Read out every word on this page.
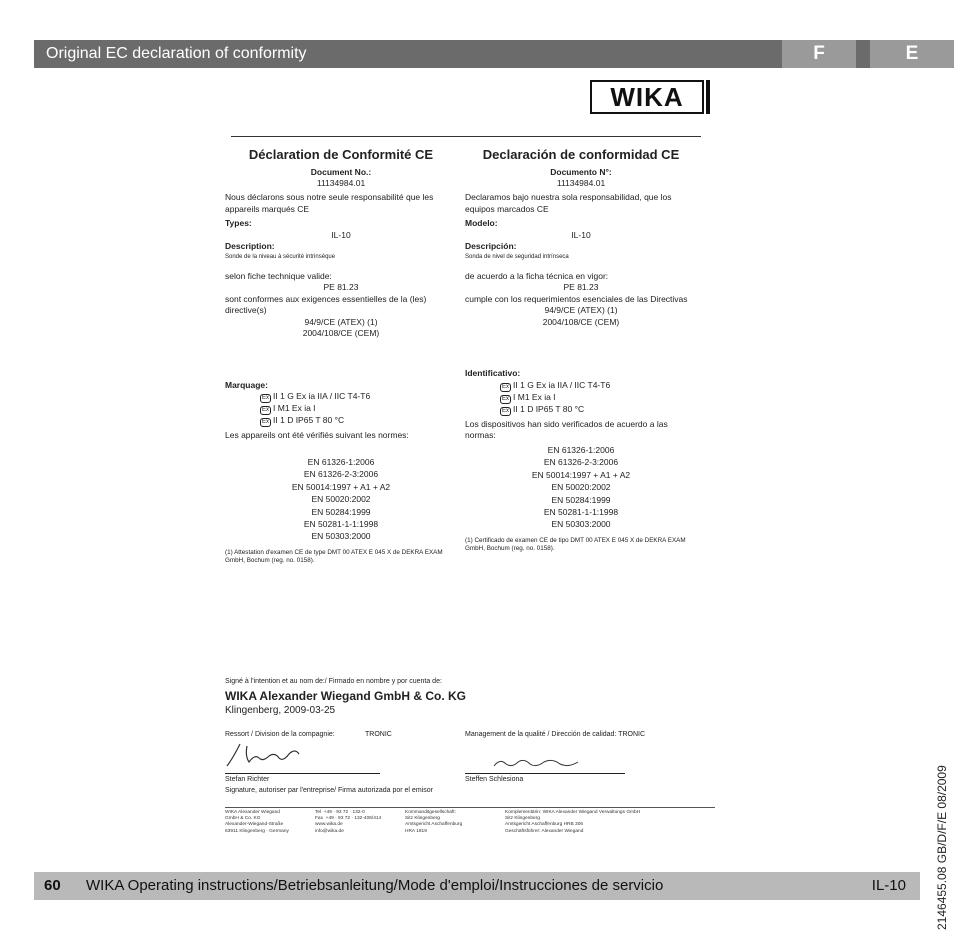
Original EC declaration of conformity	F	E
WIKA
Déclaration de Conformité CE
Document No.:
11134984.01

Nous déclarons sous notre seule responsabilité que les appareils marqués CE

Types:
IL-10
Description:
Sonde de la niveau à sécurité intrinsèque
selon fiche technique valide:
PE 81.23
sont conformes aux exigences essentielles de la (les) directive(s)
94/9/CE (ATEX) (1)
2004/108/CE (CEM)
Marquage:
Ex II 1 G Ex ia IIA / IIC T4-T6
Ex I M1 Ex ia I
Ex II 1 D IP65 T 80 °C

Les appareils ont été vérifiés suivant les normes:

EN 61326-1:2006
EN 61326-2-3:2006
EN 50014:1997 + A1 + A2
EN 50020:2002
EN 50284:1999
EN 50281-1-1:1998
EN 50303:2000
(1) Attestation d'examen CE de type DMT 00 ATEX E 045 X de DEKRA EXAM GmbH, Bochum (reg. no. 0158).
Declaración de conformidad CE
Documento N°:
11134984.01

Declaramos bajo nuestra sola responsabilidad, que los equipos marcados CE

Modelo:
IL-10
Descripción:
Sonda de nivel de seguridad intrínseca
de acuerdo a la ficha técnica en vigor:
PE 81.23
cumple con los requerimientos esenciales de las Directivas
94/9/CE (ATEX) (1)
2004/108/CE (CEM)
Identificativo:
Ex II 1 G Ex ia IIA / IIC T4-T6
Ex I M1 Ex ia I
Ex II 1 D IP65 T 80 °C

Los dispositivos han sido verificados de acuerdo a las normas:

EN 61326-1:2006
EN 61326-2-3:2006
EN 50014:1997 + A1 + A2
EN 50020:2002
EN 50284:1999
EN 50281-1-1:1998
EN 50303:2000
(1) Certificado de examen CE de tipo DMT 00 ATEX E 045 X de DEKRA EXAM GmbH, Bochum (reg. no. 0158).
Signé à l'intention et au nom de:/ Firmado en nombre y por cuenta de:
WIKA Alexander Wiegand GmbH & Co. KG
Klingenberg, 2009-03-25
Ressort / Division de la compagnie:	TRONIC	Management de la qualité / Dirección de calidad: TRONIC
Stefan Richter	Steffen Schlesiona
Signature, autoriser par l'entreprise/ Firma autorizada por el emisor
WIKA Alexander Wiegand
GmbH & Co. KG
Alexander-Wiegand-Straße
63911 Klingenberg · Germany
Tel  +49 · 93 72 · 132-0
Fax  +49 · 93 72 · 132-406/414
www.wika.de
info@wika.de
Kommanditgesellschaft:
Sitz Klingenberg
Amtsgericht Aschaffenburg
HRA 1819
Komplementärin: WIKA Alexander Wiegand Verwaltungs GmbH
Sitz Klingenberg
Amtsgericht Aschaffenburg HRB 306
Geschäftsführer: Alexander Wiegand
60 WIKA Operating instructions/Betriebsanleitung/Mode d'emploi/Instrucciones de servicio	IL-10 2146455.08 GB/D/F/E 08/2009
